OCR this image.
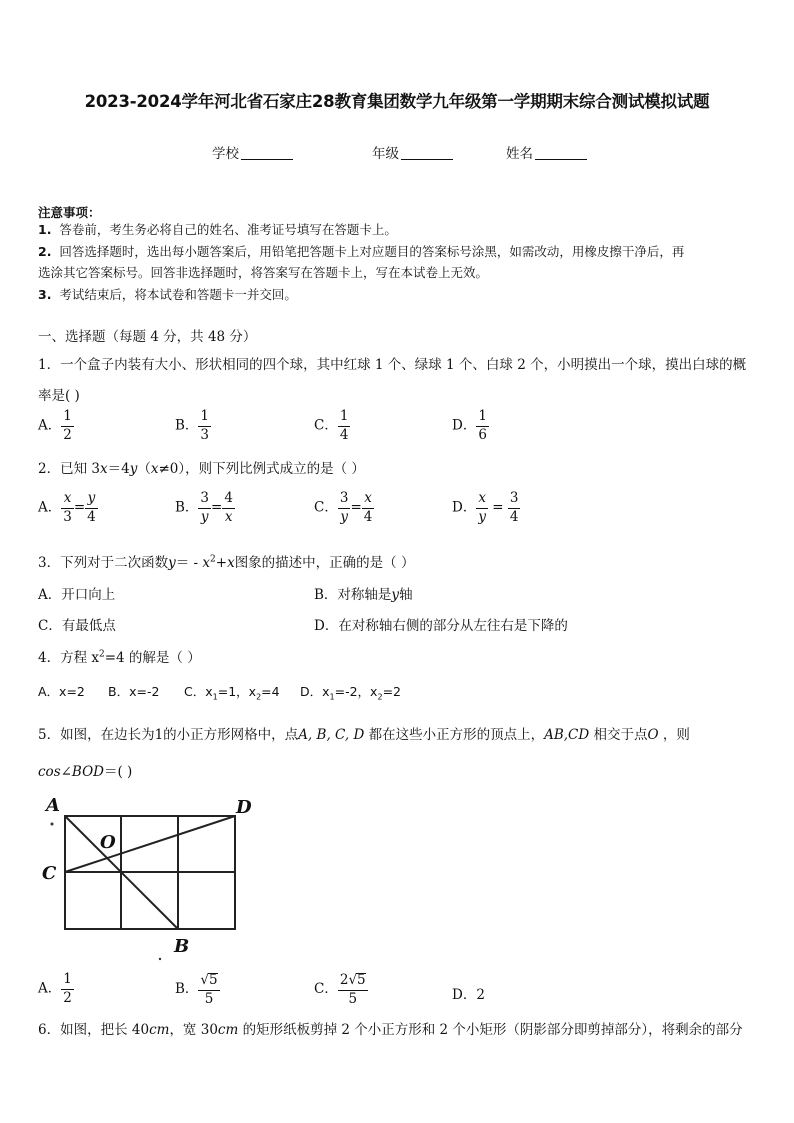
2023-2024学年河北省石家庄28教育集团数学九年级第一学期期末综合测试模拟试题
学校	年级	姓名
注意事项：
1. 答卷前，考生务必将自己的姓名、准考证号填写在答题卡上。
2. 回答选择题时，选出每小题答案后，用铅笔把答题卡上对应题目的答案标号涂黑，如需改动，用橡皮擦干净后，再
选涂其它答案标号。回答非选择题时，将答案写在答题卡上，写在本试卷上无效。
3. 考试结束后，将本试卷和答题卡一并交回。
一、选择题（每题 4 分，共 48 分）
1．一个盒子内装有大小、形状相同的四个球，其中红球 1 个、绿球 1 个、白球 2 个，小明摸出一个球，摸出白球的概
率是( )
A． $\frac{1}{2}$	B． $\frac{1}{3}$	C． $\frac{1}{4}$	D． $\frac{1}{6}$
2．已知 3x＝4y（x≠0），则下列比例式成立的是（ ）
A． $\frac{x}{3} = \frac{y}{4}$	B． $\frac{3}{y} = \frac{4}{x}$	C． $\frac{3}{y} = \frac{x}{4}$	D． $\frac{x}{y} = \frac{3}{4}$
3．下列对于二次函数$y= - x^2+x$图象的描述中，正确的是（ ）
A．开口向上	B．对称轴是y轴
C．有最低点	D．在对称轴右侧的部分从左往右是下降的
4．方程 $x^2=4$ 的解是（ ）
A．x=2 B．x=-2 C．$x_1=1$，$x_2=4$ D．$x_1=-2$，$x_2=2$
5．如图，在边长为1的小正方形网格中，点A, B, C, D 都在这些小正方形的顶点上，AB,CD 相交于点O ，则
cos∠BOD＝( )
A	D
C
O
B
A． $\frac{1}{2}$	B． $\frac{√5}{5}$	C． $\frac{2√5}{5}$	D．2
6．如图，把长 40cm，宽 30cm 的矩形纸板剪掉 2 个小正方形和 2 个小矩形（阴影部分即剪掉部分），将剩余的部分
